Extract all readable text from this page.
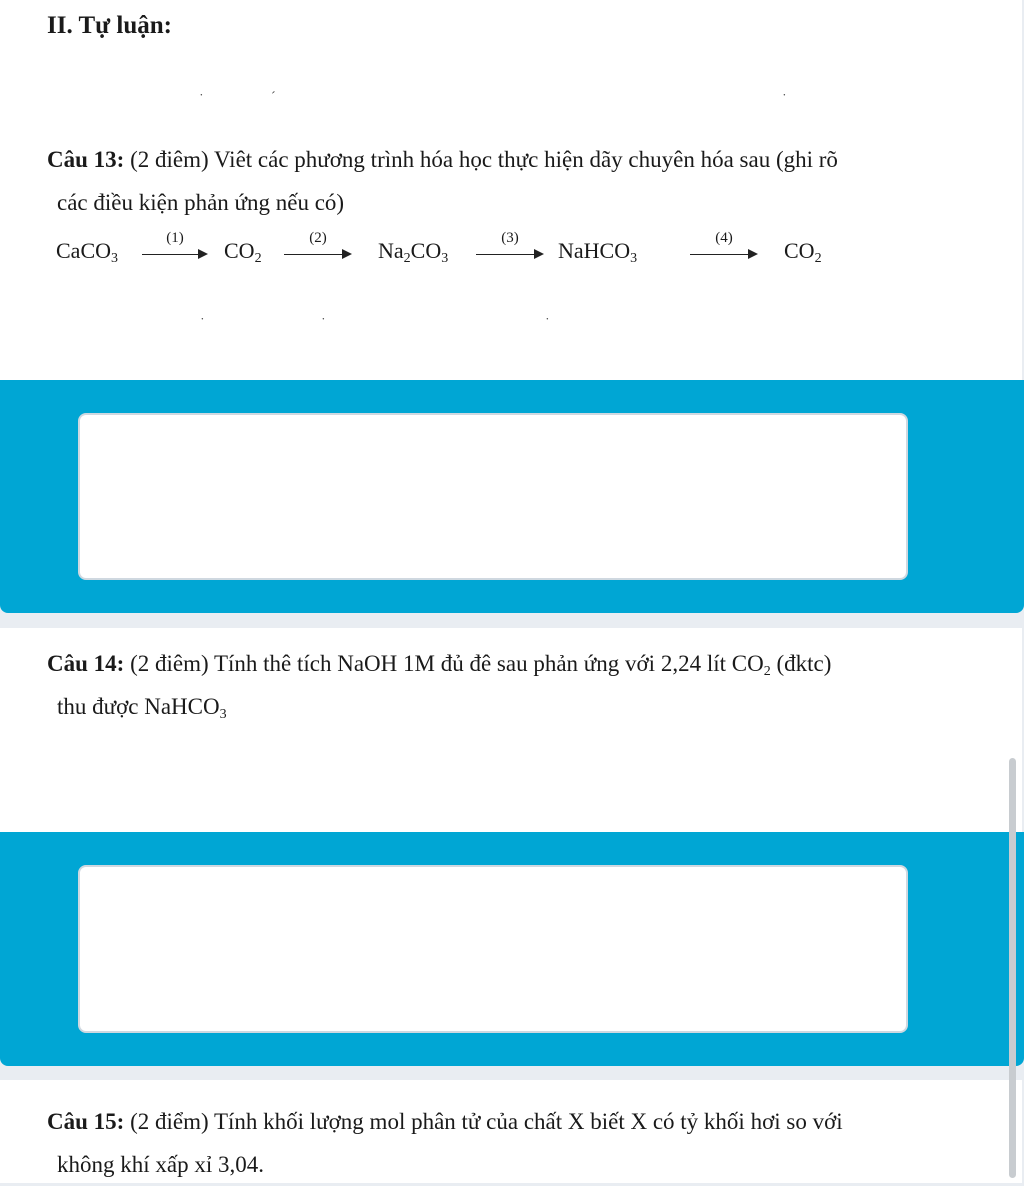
II. Tự luận:
˙	ˊ	˙
Câu 13: (2 điêm) Viêt các phương trình hóa học thực hiện dãy chuyên hóa sau (ghi rõ
các điều kiện phản ứng nếu có)
CaCO$_3$
(1)	$CO_2$
(2)	$Na_2CO_3$
(3)	NaHCO$_3$
(4)	$CO_2$
˙	˙	˙
Câu 14: (2 điêm) Tính thê tích NaOH 1M đủ đê sau phản ứng với 2,24 lít $CO_2$ (đktc)
thu được NaHCO$_3$
Câu 15: (2 điểm) Tính khối lượng mol phân tử của chất X biết X có tỷ khối hơi so với
không khí xấp xỉ 3,04.
